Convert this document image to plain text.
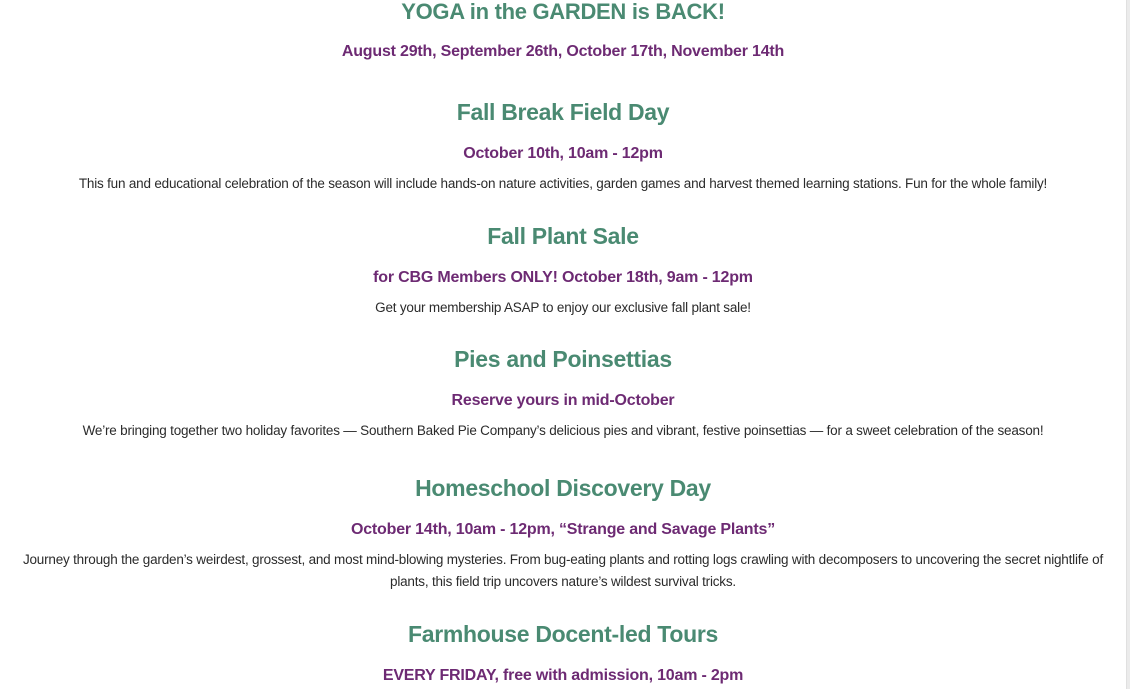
YOGA in the GARDEN is BACK!
August 29th, September 26th, October 17th, November 14th
Fall Break Field Day
October 10th, 10am - 12pm

This fun and educational celebration of the season will include hands-on nature activities, garden games and harvest themed learning stations. Fun for the whole family!

Fall Plant Sale
for CBG Members ONLY! October 18th, 9am - 12pm

Get your membership ASAP to enjoy our exclusive fall plant sale!

Pies and Poinsettias
Reserve yours in mid-October

We’re bringing together two holiday favorites — Southern Baked Pie Company’s delicious pies and vibrant, festive poinsettias — for a sweet celebration of the season!

Homeschool Discovery Day
October 14th, 10am - 12pm, “Strange and Savage Plants”

Journey through the garden’s weirdest, grossest, and most mind-blowing mysteries. From bug-eating plants and rotting logs crawling with decomposers to uncovering the secret nightlife of plants, this field trip uncovers nature’s wildest survival tricks.

Farmhouse Docent-led Tours
EVERY FRIDAY, free with admission, 10am - 2pm
